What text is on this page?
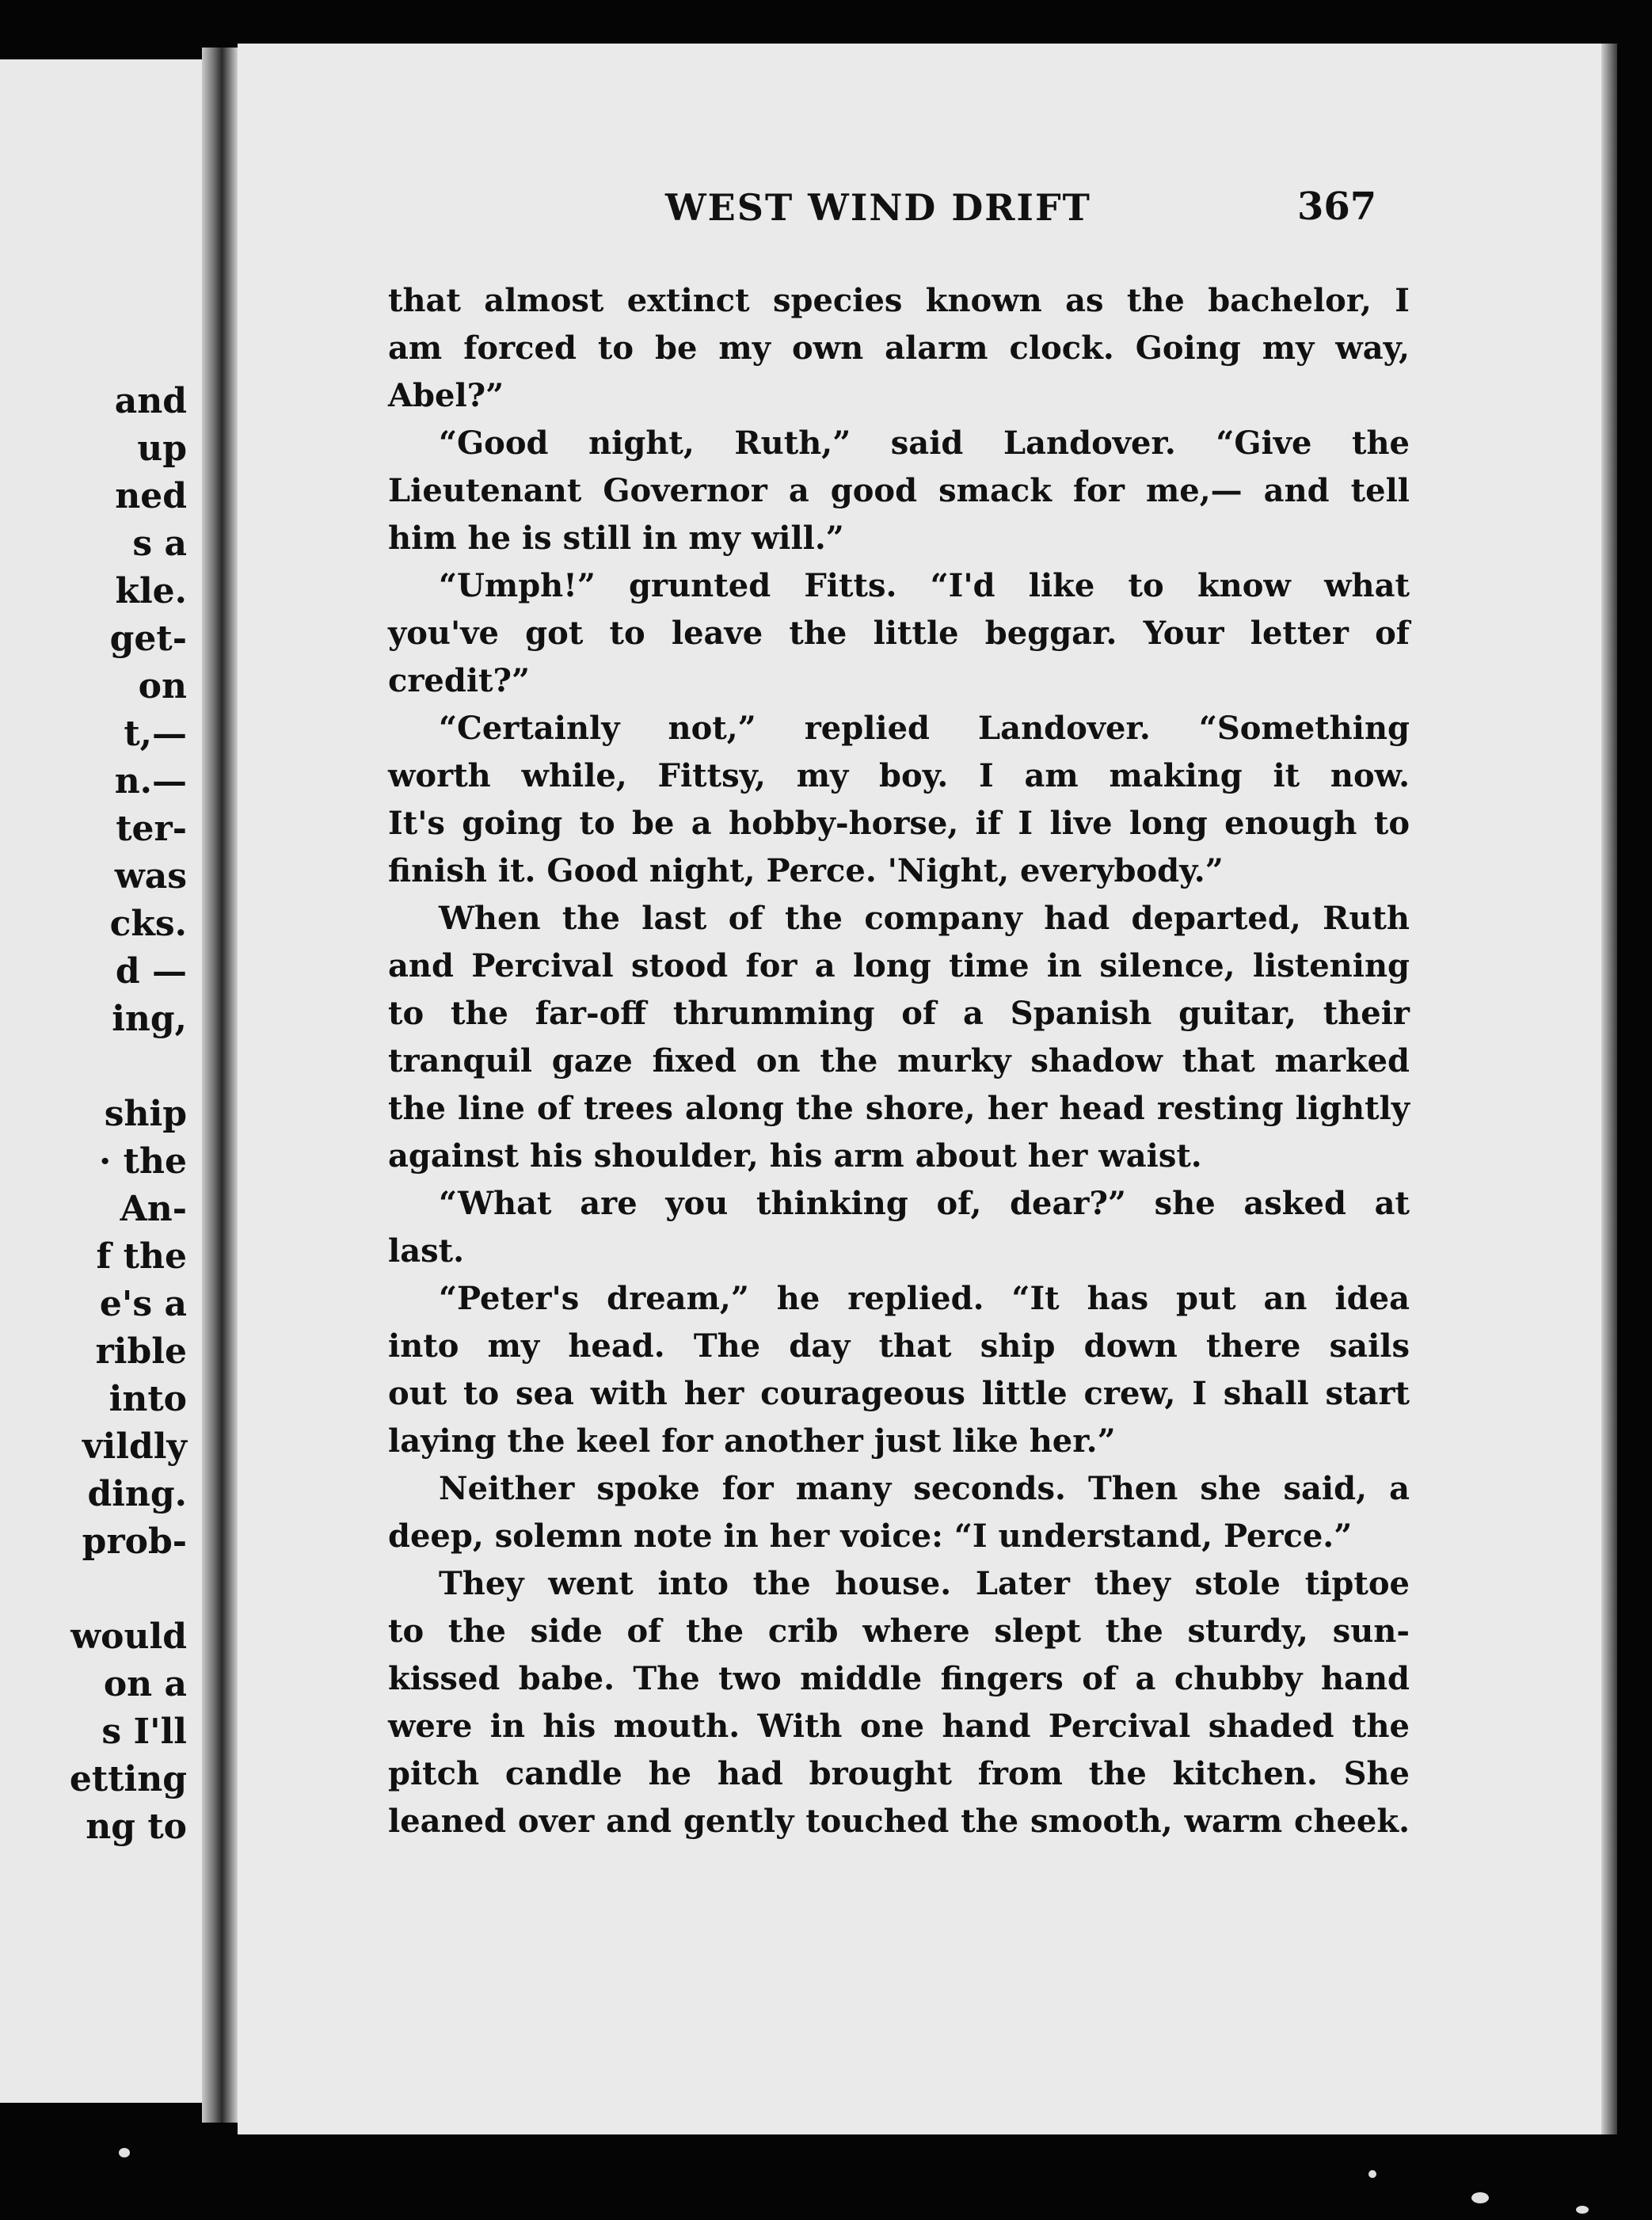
and
up
ned
s a
kle.
get-
on
t,—
n.—
ter-
was
cks.
d —
ing,
ship
· the
An-
f the
e's a
rible
into
vildly
ding.
prob-
would
on a
s I'll
etting
ng to
WEST WIND DRIFT	367
that almost extinct species known as the bachelor, I
am forced to be my own alarm clock. Going my way,
Abel?”
“Good night, Ruth,” said Landover. “Give the
Lieutenant Governor a good smack for me,— and tell
him he is still in my will.”
“Umph!” grunted Fitts. “I'd like to know what
you've got to leave the little beggar. Your letter of
credit?”
“Certainly not,” replied Landover. “Something
worth while, Fittsy, my boy. I am making it now.
It's going to be a hobby-horse, if I live long enough to
finish it. Good night, Perce. 'Night, everybody.”
When the last of the company had departed, Ruth
and Percival stood for a long time in silence, listening
to the far-off thrumming of a Spanish guitar, their
tranquil gaze fixed on the murky shadow that marked
the line of trees along the shore, her head resting lightly
against his shoulder, his arm about her waist.
“What are you thinking of, dear?” she asked at
last.
“Peter's dream,” he replied. “It has put an idea
into my head. The day that ship down there sails
out to sea with her courageous little crew, I shall start
laying the keel for another just like her.”
Neither spoke for many seconds. Then she said, a
deep, solemn note in her voice: “I understand, Perce.”
They went into the house. Later they stole tiptoe
to the side of the crib where slept the sturdy, sun-
kissed babe. The two middle fingers of a chubby hand
were in his mouth. With one hand Percival shaded the
pitch candle he had brought from the kitchen. She
leaned over and gently touched the smooth, warm cheek.
